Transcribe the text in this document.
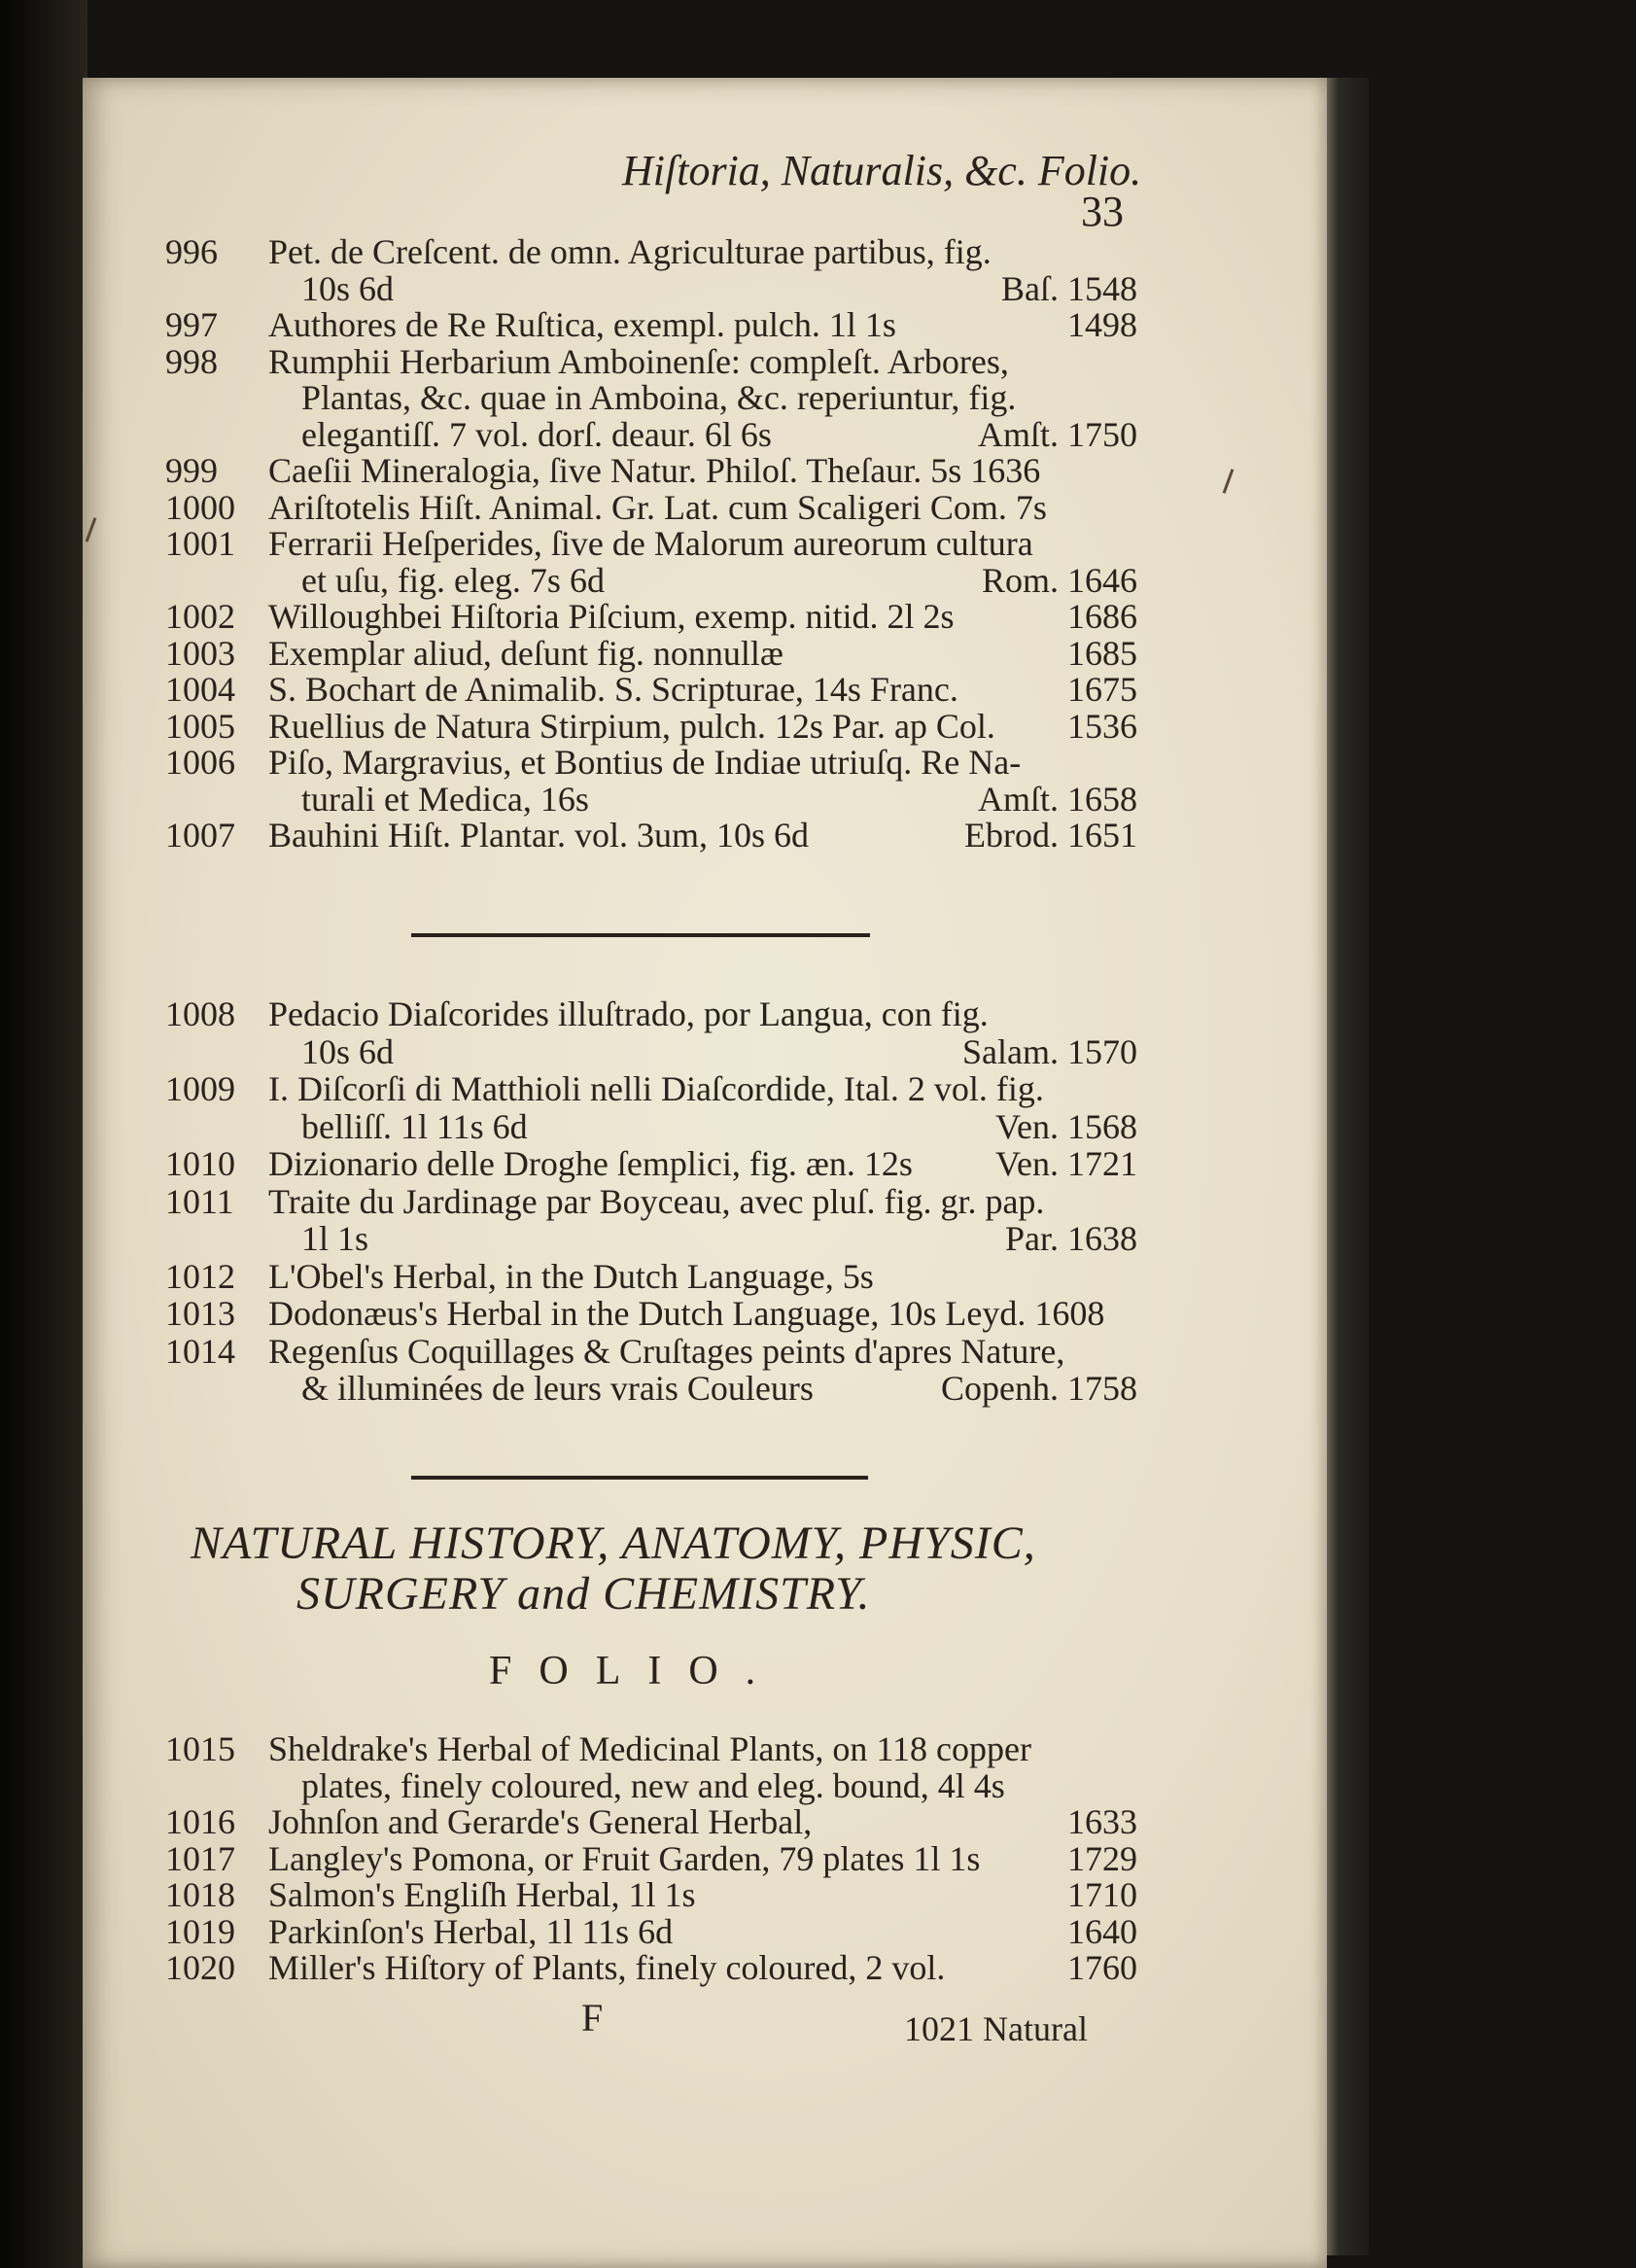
Hiſtoria, Naturalis, &c. Folio.
33
996 Pet. de Creſcent. de omn. Agriculturae partibus, fig.
10s 6d	Baſ. 1548
997 Authores de Re Ruſtica, exempl. pulch. 1l 1s	1498
998 Rumphii Herbarium Amboinenſe: compleſt. Arbores,
Plantas, &c. quae in Amboina, &c. reperiuntur, fig.
elegantiſſ. 7 vol. dorſ. deaur. 6l 6s	Amſt. 1750
999 Caeſii Mineralogia, ſive Natur. Philoſ. Theſaur. 5s 1636
1000 Ariſtotelis Hiſt. Animal. Gr. Lat. cum Scaligeri Com. 7s
1001 Ferrarii Heſperides, ſive de Malorum aureorum cultura
et uſu, fig. eleg. 7s 6d	Rom. 1646
1002 Willoughbei Hiſtoria Piſcium, exemp. nitid. 2l 2s	1686
1003 Exemplar aliud, deſunt fig. nonnullæ	1685
1004 S. Bochart de Animalib. S. Scripturae, 14s Franc.	1675
1005 Ruellius de Natura Stirpium, pulch. 12s Par. ap Col. 1536
1006 Piſo, Margravius, et Bontius de Indiae utriuſq. Re Na-
turali et Medica, 16s	Amſt. 1658
1007 Bauhini Hiſt. Plantar. vol. 3um, 10s 6d	Ebrod. 1651
1008 Pedacio Diaſcorides illuſtrado, por Langua, con fig.
10s 6d	Salam. 1570
1009 I. Diſcorſi di Matthioli nelli Diaſcordide, Ital. 2 vol. fig.
belliſſ. 1l 11s 6d	Ven. 1568
1010 Dizionario delle Droghe ſemplici, fig. æn. 12s Ven. 1721
1011 Traite du Jardinage par Boyceau, avec pluſ. fig. gr. pap.
1l 1s	Par. 1638
1012 L'Obel's Herbal, in the Dutch Language, 5s
1013 Dodonæus's Herbal in the Dutch Language, 10s Leyd. 1608
1014 Regenſus Coquillages & Cruſtages peints d'apres Nature,
& illuminées de leurs vrais Couleurs	Copenh. 1758
NATURAL HISTORY, ANATOMY, PHYSIC,
SURGERY and CHEMISTRY.
FOLIO.
1015 Sheldrake's Herbal of Medicinal Plants, on 118 copper
plates, finely coloured, new and eleg. bound, 4l 4s
1016 Johnſon and Gerarde's General Herbal,	1633
1017 Langley's Pomona, or Fruit Garden, 79 plates 1l 1s 1729
1018 Salmon's Engliſh Herbal, 1l 1s	1710
1019 Parkinſon's Herbal, 1l 11s 6d	1640
1020 Miller's Hiſtory of Plants, finely coloured, 2 vol.	1760
F	1021 Natural
